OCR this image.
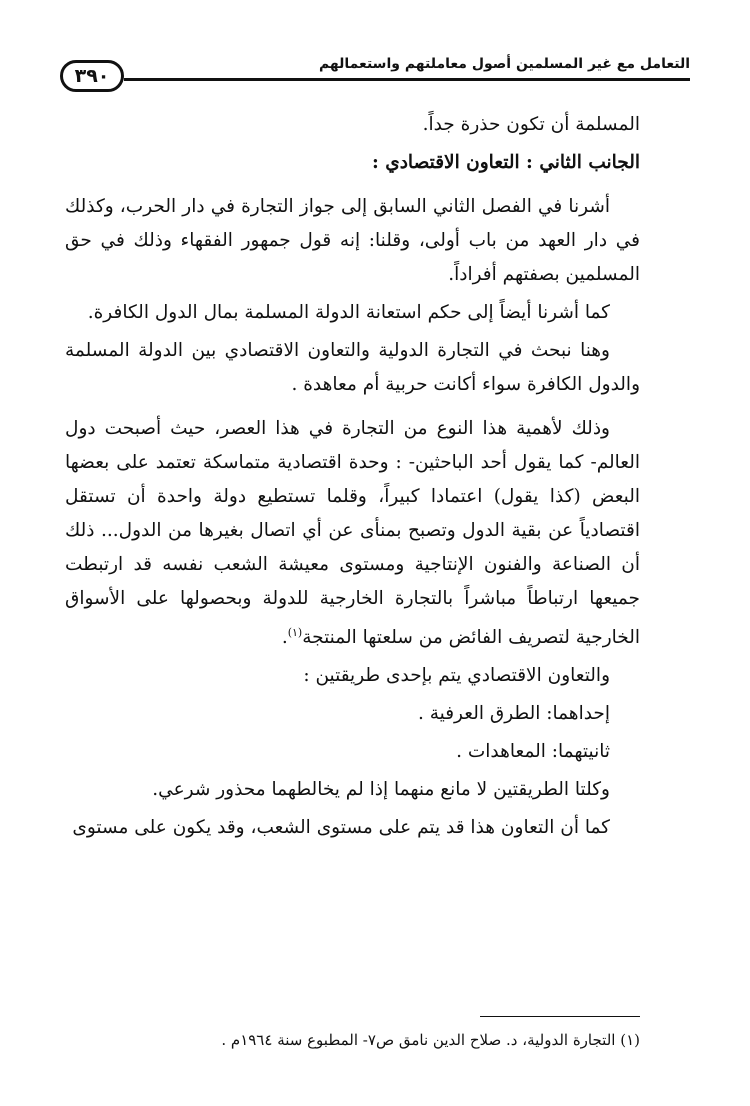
التعامل مع غير المسلمين أصول معاملتهم واستعمالهم
٣٩٠

المسلمة أن تكون حذرة جداً.

الجانب الثاني : التعاون الاقتصادي :

أشرنا في الفصل الثاني السابق إلى جواز التجارة في دار الحرب، وكذلك في دار العهد من باب أولى، وقلنا: إنه قول جمهور الفقهاء وذلك في حق المسلمين بصفتهم أفراداً.

كما أشرنا أيضاً إلى حكم استعانة الدولة المسلمة بمال الدول الكافرة.

وهنا نبحث في التجارة الدولية والتعاون الاقتصادي بين الدولة المسلمة والدول الكافرة سواء أكانت حربية أم معاهدة .

وذلك لأهمية هذا النوع من التجارة في هذا العصر، حيث أصبحت دول العالم- كما يقول أحد الباحثين- : وحدة اقتصادية متماسكة تعتمد على بعضها البعض (كذا يقول) اعتمادا كبيراً، وقلما تستطيع دولة واحدة أن تستقل اقتصادياً عن بقية الدول وتصبح بمنأى عن أي اتصال بغيرها من الدول... ذلك أن الصناعة والفنون الإنتاجية ومستوى معيشة الشعب نفسه قد ارتبطت جميعها ارتباطاً مباشراً بالتجارة الخارجية للدولة وبحصولها على الأسواق الخارجية لتصريف الفائض من سلعتها المنتجة$^{(١)}$.

والتعاون الاقتصادي يتم بإحدى طريقتين :

إحداهما: الطرق العرفية .

ثانيتهما: المعاهدات .

وكلتا الطريقتين لا مانع منهما إذا لم يخالطهما محذور شرعي.

كما أن التعاون هذا قد يتم على مستوى الشعب، وقد يكون على مستوى

(١) التجارة الدولية، د. صلاح الدين نامق ص٧- المطبوع سنة ١٩٦٤م .
